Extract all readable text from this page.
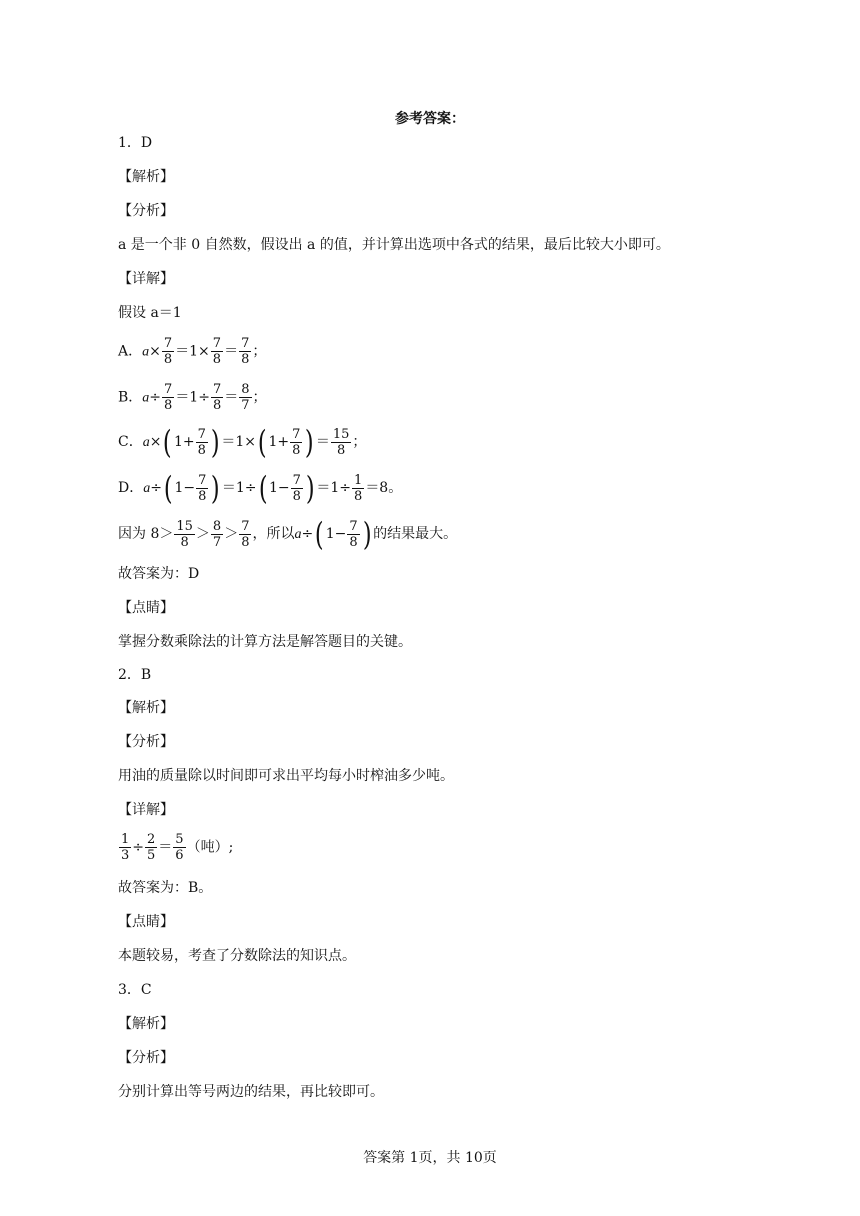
参考答案：
1．D
【解析】
【分析】
a 是一个非 0 自然数，假设出 a 的值，并计算出选项中各式的结果，最后比较大小即可。
【详解】
假设 a＝1
A．$a\times \frac{7}{8} =1\times \frac{7}{8} = \frac{7}{8}$ ；
B．$a\div \frac{7}{8} =1\div \frac{7}{8} = \frac{8}{7}$ ；
C．a× ( $1+ \frac{7}{8}$ ) ＝1× ( $1+ \frac{7}{8}$ ) ＝ $\frac{15}{8}$ ；
D．a÷ ( $1- \frac{7}{8}$ ) ＝1÷ ( $1- \frac{7}{8}$ ) $=1\div \frac{1}{8} =8$。
因为 $8> \frac{15}{8} > \frac{8}{7} > \frac{7}{8}$ ，所以a÷ ( $1- \frac{7}{8}$ ) 的结果最大。
故答案为：D
【点睛】
掌握分数乘除法的计算方法是解答题目的关键。
2．B
【解析】
【分析】
用油的质量除以时间即可求出平均每小时榨油多少吨。
【详解】
$\frac{1}{3} \div \frac{2}{5} = \frac{5}{6}$ （吨）;
故答案为：B。
【点睛】
本题较易，考查了分数除法的知识点。
3．C
【解析】
【分析】
分别计算出等号两边的结果，再比较即可。
答案第 1页，共 10页
